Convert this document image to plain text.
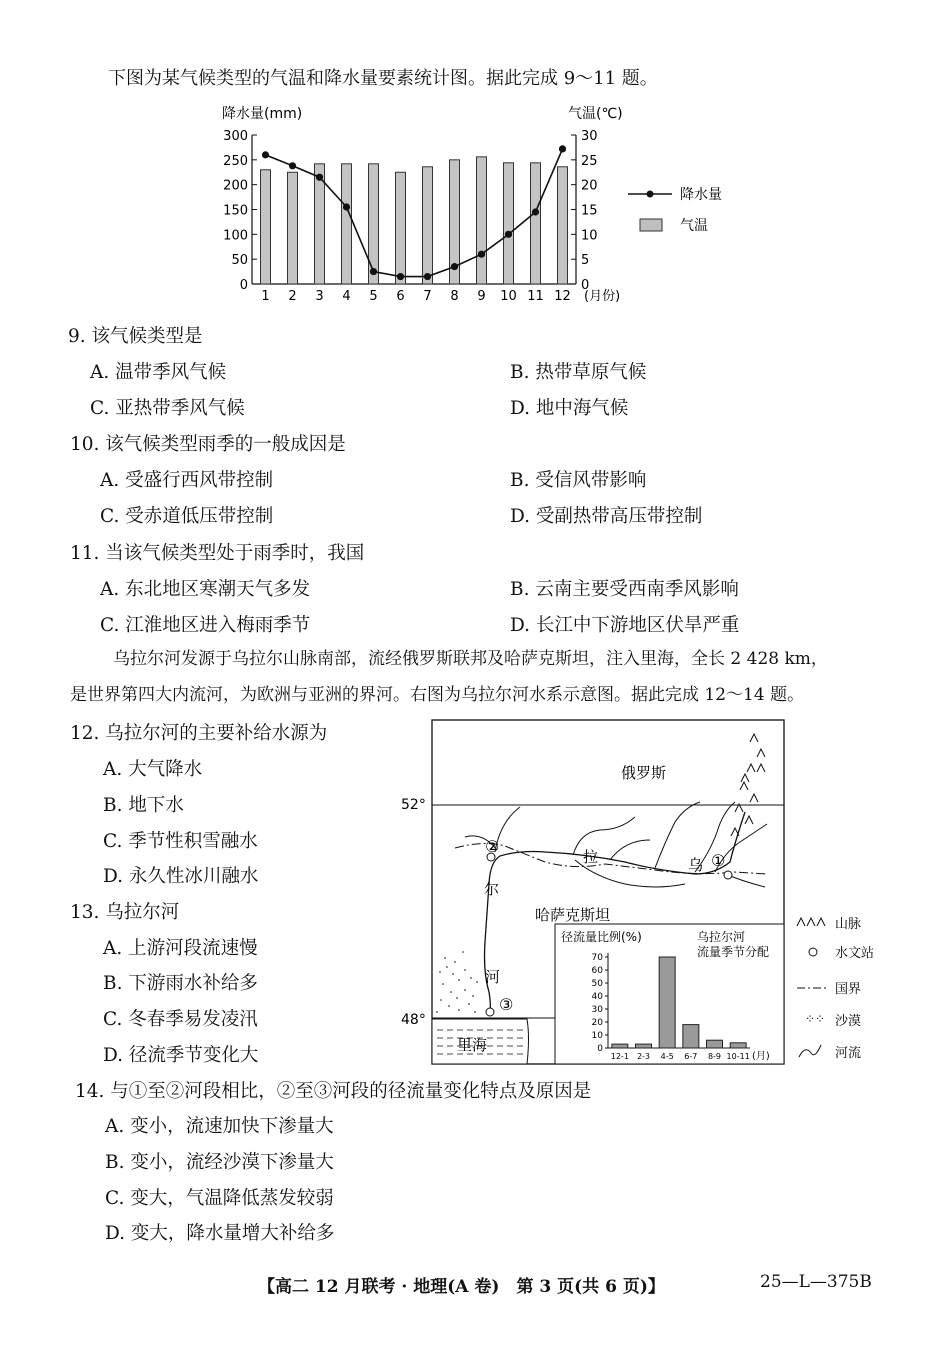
下图为某气候类型的气温和降水量要素统计图。据此完成 9～11 题。
降水量(mm)	气温(℃)
300
250
200
150
100
50
0
30
25
20
15
10
5
0
1 2 3 4 5 6 7 8 9 10 11 12 (月份)
降水量
气温
9. 该气候类型是
A. 温带季风气候	B. 热带草原气候
C. 亚热带季风气候	D. 地中海气候
10. 该气候类型雨季的一般成因是
A. 受盛行西风带控制	B. 受信风带影响
C. 受赤道低压带控制	D. 受副热带高压带控制
11. 当该气候类型处于雨季时，我国
A. 东北地区寒潮天气多发	B. 云南主要受西南季风影响
C. 江淮地区进入梅雨季节	D. 长江中下游地区伏旱严重
乌拉尔河发源于乌拉尔山脉南部，流经俄罗斯联邦及哈萨克斯坦，注入里海，全长 2 428 km，
是世界第四大内流河，为欧洲与亚洲的界河。右图为乌拉尔河水系示意图。据此完成 12～14 题。
12. 乌拉尔河的主要补给水源为
A. 大气降水
B. 地下水
C. 季节性积雪融水
D. 永久性冰川融水
13. 乌拉尔河
A. 上游河段流速慢
B. 下游雨水补给多
C. 冬春季易发凌汛
D. 径流季节变化大
14. 与①至②河段相比，②至③河段的径流量变化特点及原因是
A. 变小，流速加快下渗量大
B. 变小，流经沙漠下渗量大
C. 变大，气温降低蒸发较弱
D. 变大，降水量增大补给多
52°
48°
①
②
③
乌
拉
尔
河
俄罗斯
哈萨克斯坦
里海
径流量比例(%)	乌拉尔河
流量季节分配
70
60
50
40
30
20
10
0
12-1 2-3 4-5 6-7 8-9 10-11 (月)
山脉
水文站
国界
⁘⁘ 沙漠
河流
【高二 12 月联考 · 地理(A 卷)　第 3 页(共 6 页)】	25—L—375B
